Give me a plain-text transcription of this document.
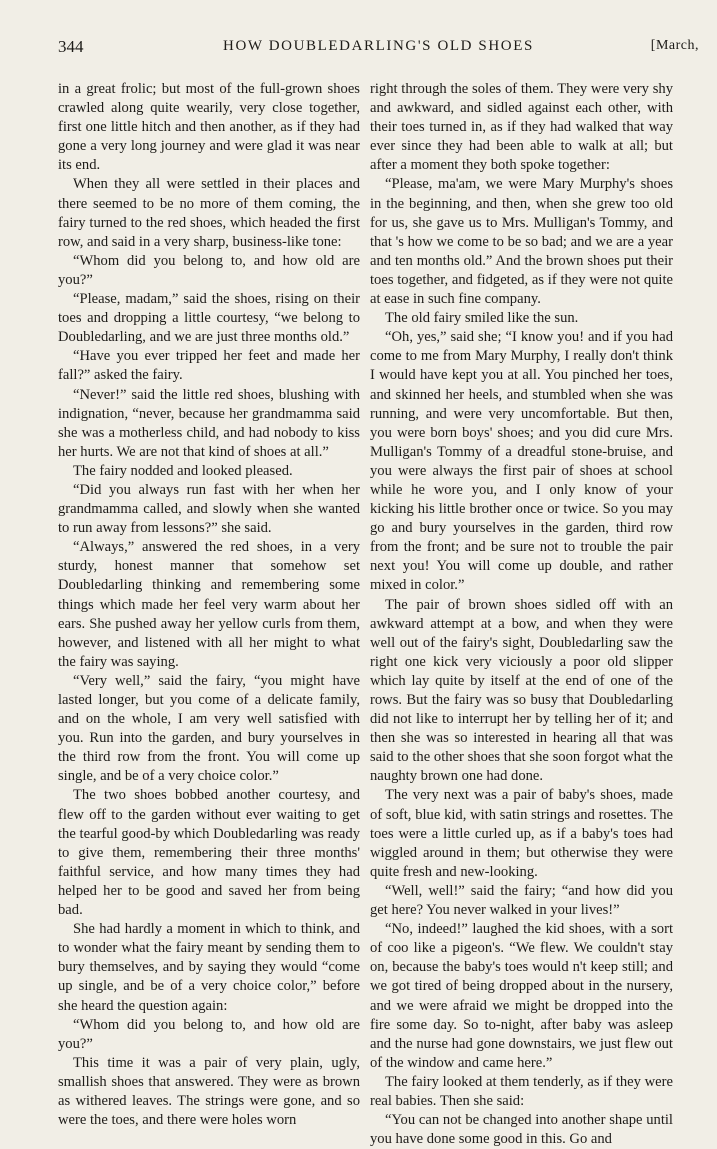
344	HOW DOUBLEDARLING'S OLD SHOES	[March,

in a great frolic; but most of the full-grown shoes crawled along quite wearily, very close together, first one little hitch and then another, as if they had gone a very long journey and were glad it was near its end.

When they all were settled in their places and there seemed to be no more of them coming, the fairy turned to the red shoes, which headed the first row, and said in a very sharp, business-like tone:

“Whom did you belong to, and how old are you?”

“Please, madam,” said the shoes, rising on their toes and dropping a little courtesy, “we belong to Doubledarling, and we are just three months old.”

“Have you ever tripped her feet and made her fall?” asked the fairy.

“Never!” said the little red shoes, blushing with indignation, “never, because her grandmamma said she was a motherless child, and had nobody to kiss her hurts. We are not that kind of shoes at all.”

The fairy nodded and looked pleased.

“Did you always run fast with her when her grandmamma called, and slowly when she wanted to run away from lessons?” she said.

“Always,” answered the red shoes, in a very sturdy, honest manner that somehow set Doubledarling thinking and remembering some things which made her feel very warm about her ears. She pushed away her yellow curls from them, however, and listened with all her might to what the fairy was saying.

“Very well,” said the fairy, “you might have lasted longer, but you come of a delicate family, and on the whole, I am very well satisfied with you. Run into the garden, and bury yourselves in the third row from the front. You will come up single, and be of a very choice color.”

The two shoes bobbed another courtesy, and flew off to the garden without ever waiting to get the tearful good-by which Doubledarling was ready to give them, remembering their three months' faithful service, and how many times they had helped her to be good and saved her from being bad.

She had hardly a moment in which to think, and to wonder what the fairy meant by sending them to bury themselves, and by saying they would “come up single, and be of a very choice color,” before she heard the question again:

“Whom did you belong to, and how old are you?”

This time it was a pair of very plain, ugly, smallish shoes that answered. They were as brown as withered leaves. The strings were gone, and so were the toes, and there were holes worn

right through the soles of them. They were very shy and awkward, and sidled against each other, with their toes turned in, as if they had walked that way ever since they had been able to walk at all; but after a moment they both spoke together:

“Please, ma'am, we were Mary Murphy's shoes in the beginning, and then, when she grew too old for us, she gave us to Mrs. Mulligan's Tommy, and that 's how we come to be so bad; and we are a year and ten months old.” And the brown shoes put their toes together, and fidgeted, as if they were not quite at ease in such fine company.

The old fairy smiled like the sun.

“Oh, yes,” said she; “I know you! and if you had come to me from Mary Murphy, I really don't think I would have kept you at all. You pinched her toes, and skinned her heels, and stumbled when she was running, and were very uncomfortable. But then, you were born boys' shoes; and you did cure Mrs. Mulligan's Tommy of a dreadful stone-bruise, and you were always the first pair of shoes at school while he wore you, and I only know of your kicking his little brother once or twice. So you may go and bury yourselves in the garden, third row from the front; and be sure not to trouble the pair next you! You will come up double, and rather mixed in color.”

The pair of brown shoes sidled off with an awkward attempt at a bow, and when they were well out of the fairy's sight, Doubledarling saw the right one kick very viciously a poor old slipper which lay quite by itself at the end of one of the rows. But the fairy was so busy that Doubledarling did not like to interrupt her by telling her of it; and then she was so interested in hearing all that was said to the other shoes that she soon forgot what the naughty brown one had done.

The very next was a pair of baby's shoes, made of soft, blue kid, with satin strings and rosettes. The toes were a little curled up, as if a baby's toes had wiggled around in them; but otherwise they were quite fresh and new-looking.

“Well, well!” said the fairy; “and how did you get here? You never walked in your lives!”

“No, indeed!” laughed the kid shoes, with a sort of coo like a pigeon's. “We flew. We couldn't stay on, because the baby's toes would n't keep still; and we got tired of being dropped about in the nursery, and we were afraid we might be dropped into the fire some day. So to-night, after baby was asleep and the nurse had gone downstairs, we just flew out of the window and came here.”

The fairy looked at them tenderly, as if they were real babies. Then she said:

“You can not be changed into another shape until you have done some good in this. Go and
